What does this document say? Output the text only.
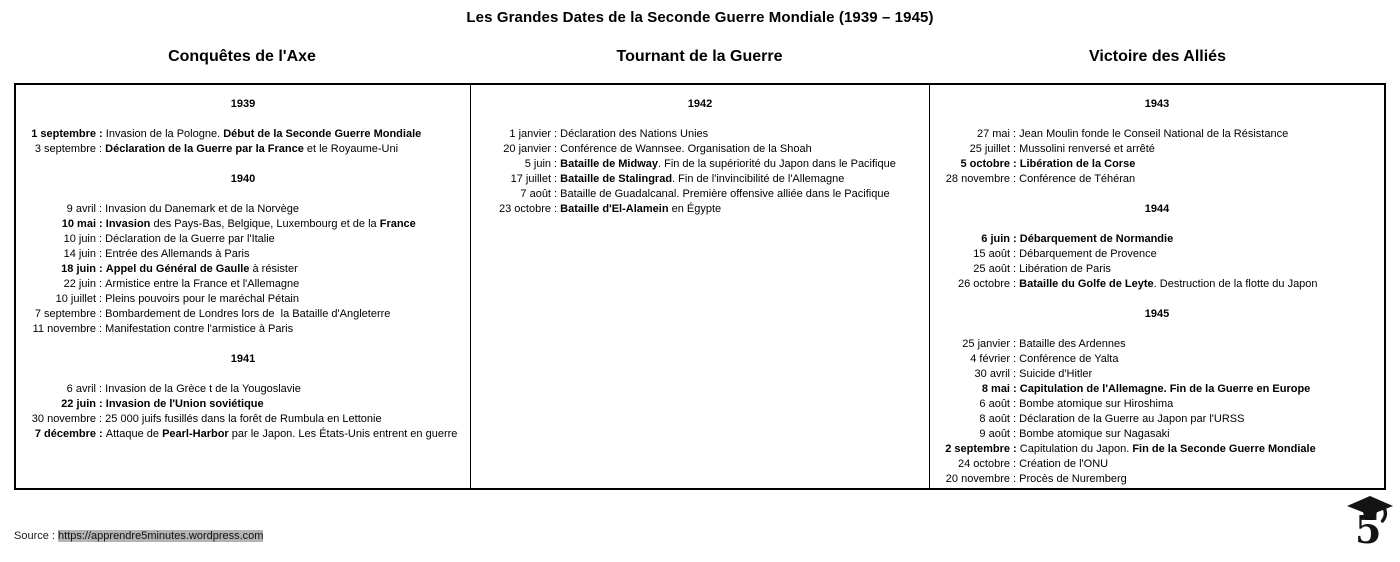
Les Grandes Dates de la Seconde Guerre Mondiale (1939 – 1945)
Conquêtes de l'Axe	Tournant de la Guerre	Victoire des Alliés
1939
1 septembre : Invasion de la Pologne. Début de la Seconde Guerre Mondiale
3 septembre : Déclaration de la Guerre par la France et le Royaume-Uni
1940
9 avril : Invasion du Danemark et de la Norvège
10 mai : Invasion des Pays-Bas, Belgique, Luxembourg et de la France
10 juin : Déclaration de la Guerre par l'Italie
14 juin : Entrée des Allemands à Paris
18 juin : Appel du Général de Gaulle à résister
22 juin : Armistice entre la France et l'Allemagne
10 juillet : Pleins pouvoirs pour le maréchal Pétain
7 septembre : Bombardement de Londres lors de  la Bataille d'Angleterre
11 novembre : Manifestation contre l'armistice à Paris
1941
6 avril : Invasion de la Grèce t de la Yougoslavie
22 juin : Invasion de l'Union soviétique
30 novembre : 25 000 juifs fusillés dans la forêt de Rumbula en Lettonie
7 décembre : Attaque de Pearl-Harbor par le Japon. Les États-Unis entrent en guerre
1942
1 janvier : Déclaration des Nations Unies
20 janvier : Conférence de Wannsee. Organisation de la Shoah
5 juin : Bataille de Midway. Fin de la supériorité du Japon dans le Pacifique
17 juillet : Bataille de Stalingrad. Fin de l'invincibilité de l'Allemagne
7 août : Bataille de Guadalcanal. Première offensive alliée dans le Pacifique
23 octobre : Bataille d'El-Alamein en Égypte
1943
27 mai : Jean Moulin fonde le Conseil National de la Résistance
25 juillet : Mussolini renversé et arrêté
5 octobre : Libération de la Corse
28 novembre : Conférence de Téhéran
1944
6 juin : Débarquement de Normandie
15 août : Débarquement de Provence
25 août : Libération de Paris
26 octobre : Bataille du Golfe de Leyte. Destruction de la flotte du Japon
1945
25 janvier : Bataille des Ardennes
4 février : Conférence de Yalta
30 avril : Suicide d'Hitler
8 mai : Capitulation de l'Allemagne. Fin de la Guerre en Europe
6 août : Bombe atomique sur Hiroshima
8 août : Déclaration de la Guerre au Japon par l'URSS
9 août : Bombe atomique sur Nagasaki
2 septembre : Capitulation du Japon. Fin de la Seconde Guerre Mondiale
24 octobre : Création de l'ONU
20 novembre : Procès de Nuremberg
Source : https://apprendre5minutes.wordpress.com	5
